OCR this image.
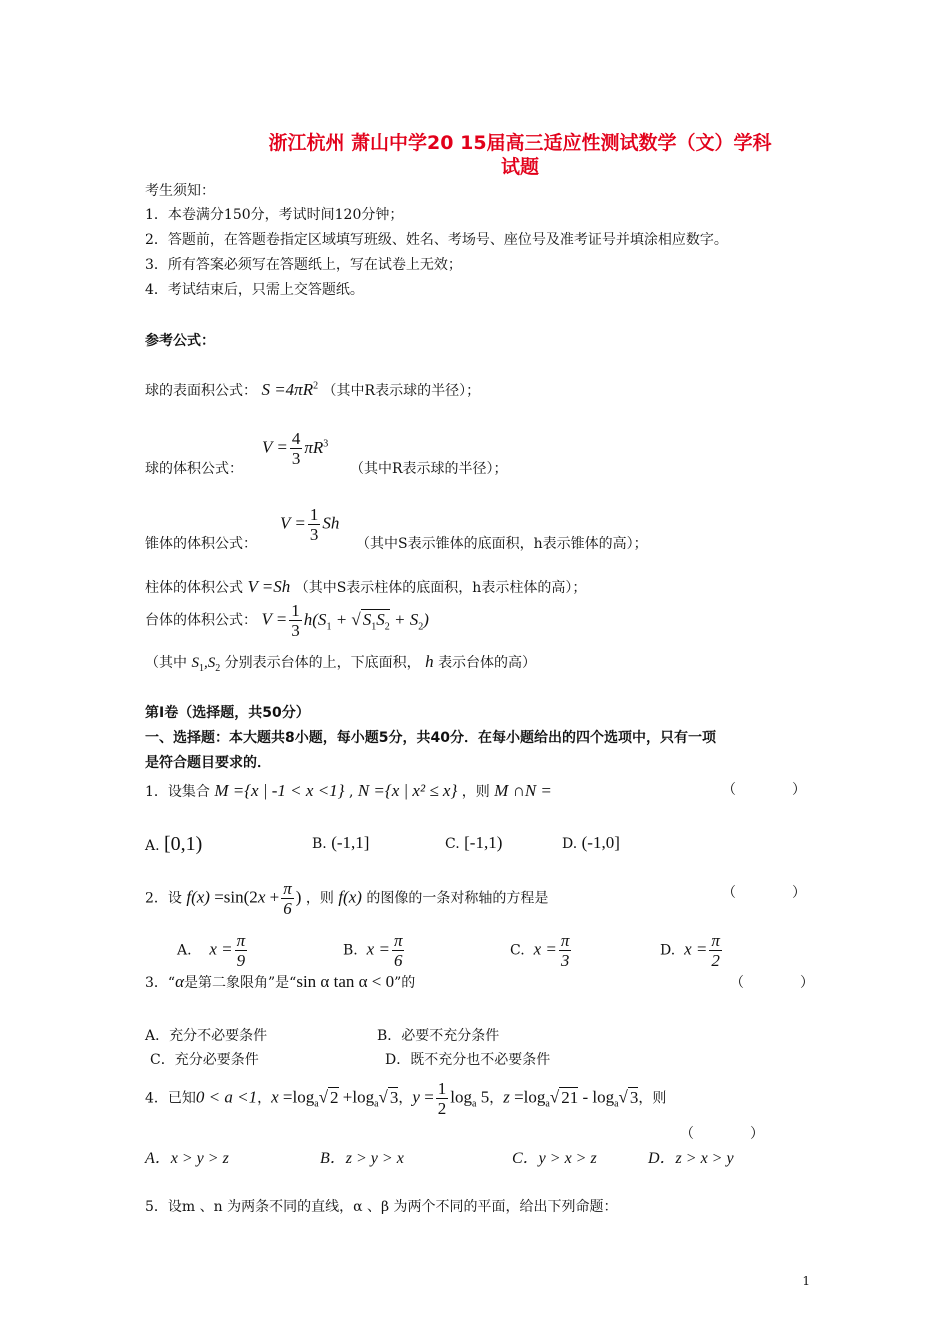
浙江杭州 萧山中学20 15届高三适应性测试数学（文）学科
试题
考生须知：
1．本卷满分150分，考试时间120分钟；
2．答题前，在答题卷指定区域填写班级、姓名、考场号、座位号及准考证号并填涂相应数字。
3．所有答案必须写在答题纸上，写在试卷上无效；
4．考试结束后，只需上交答题纸。
参考公式：
球的表面积公式： $S =4\pi R^2$ （其中R表示球的半径）；
$V = \frac{4}{3} \pi R^3$
球的体积公式：	（其中R表示球的半径）；
$V = \frac{1}{3}$ Sh
锥体的体积公式：	（其中S表示锥体的底面积，h表示锥体的高）；
柱体的体积公式 V =Sh （其中S表示柱体的底面积，h表示柱体的高）；
台体的体积公式： $V = \frac{1}{3} h(S_1$ + √ $S_1S_2 + S_2$)
（其中 $S_1,S_2$ 分别表示台体的上，下底面积， h 表示台体的高）
第Ⅰ卷（选择题，共50分）
一、选择题：本大题共8小题，每小题5分，共40分．在每小题给出的四个选项中，只有一项
是符合题目要求的．
1．设集合 M ={x | -1 < x <1} , N ={x | x² ≤ x} ，则 M ∩N =	（　　　　）
A. [0,1)	B. (-1,1]	C. [-1,1)	D. (-1,0]
2．设 $f(x) =\sin(2x + \frac{\pi}{6}$ ) ，则 f(x) 的图像的一条对称轴的方程是	（　　　　）
A. $x = \frac{\pi}{9}$	B. $x = \frac{\pi}{6}$	C. $x = \frac{\pi}{3}$	D. $x = \frac{\pi}{2}$
3．“α是第二象限角”是“sin α tan α < 0”的	（　　　　）
A．充分不必要条件	B．必要不充分条件
C．充分必要条件	D．既不充分也不必要条件
4．已知0 < a <1，$x =\log_a√$ $2 +\log_a√$ 3，$y = \frac{1}{2} \log_a 5$，$z =\log_a√$ $21 - \log_a√$ 3，则
（　　　　）
A．x > y > z	B．z > y > x	C．y > x > z	D．z > x > y
5．设m 、n 为两条不同的直线，α 、β 为两个不同的平面，给出下列命题：
1
